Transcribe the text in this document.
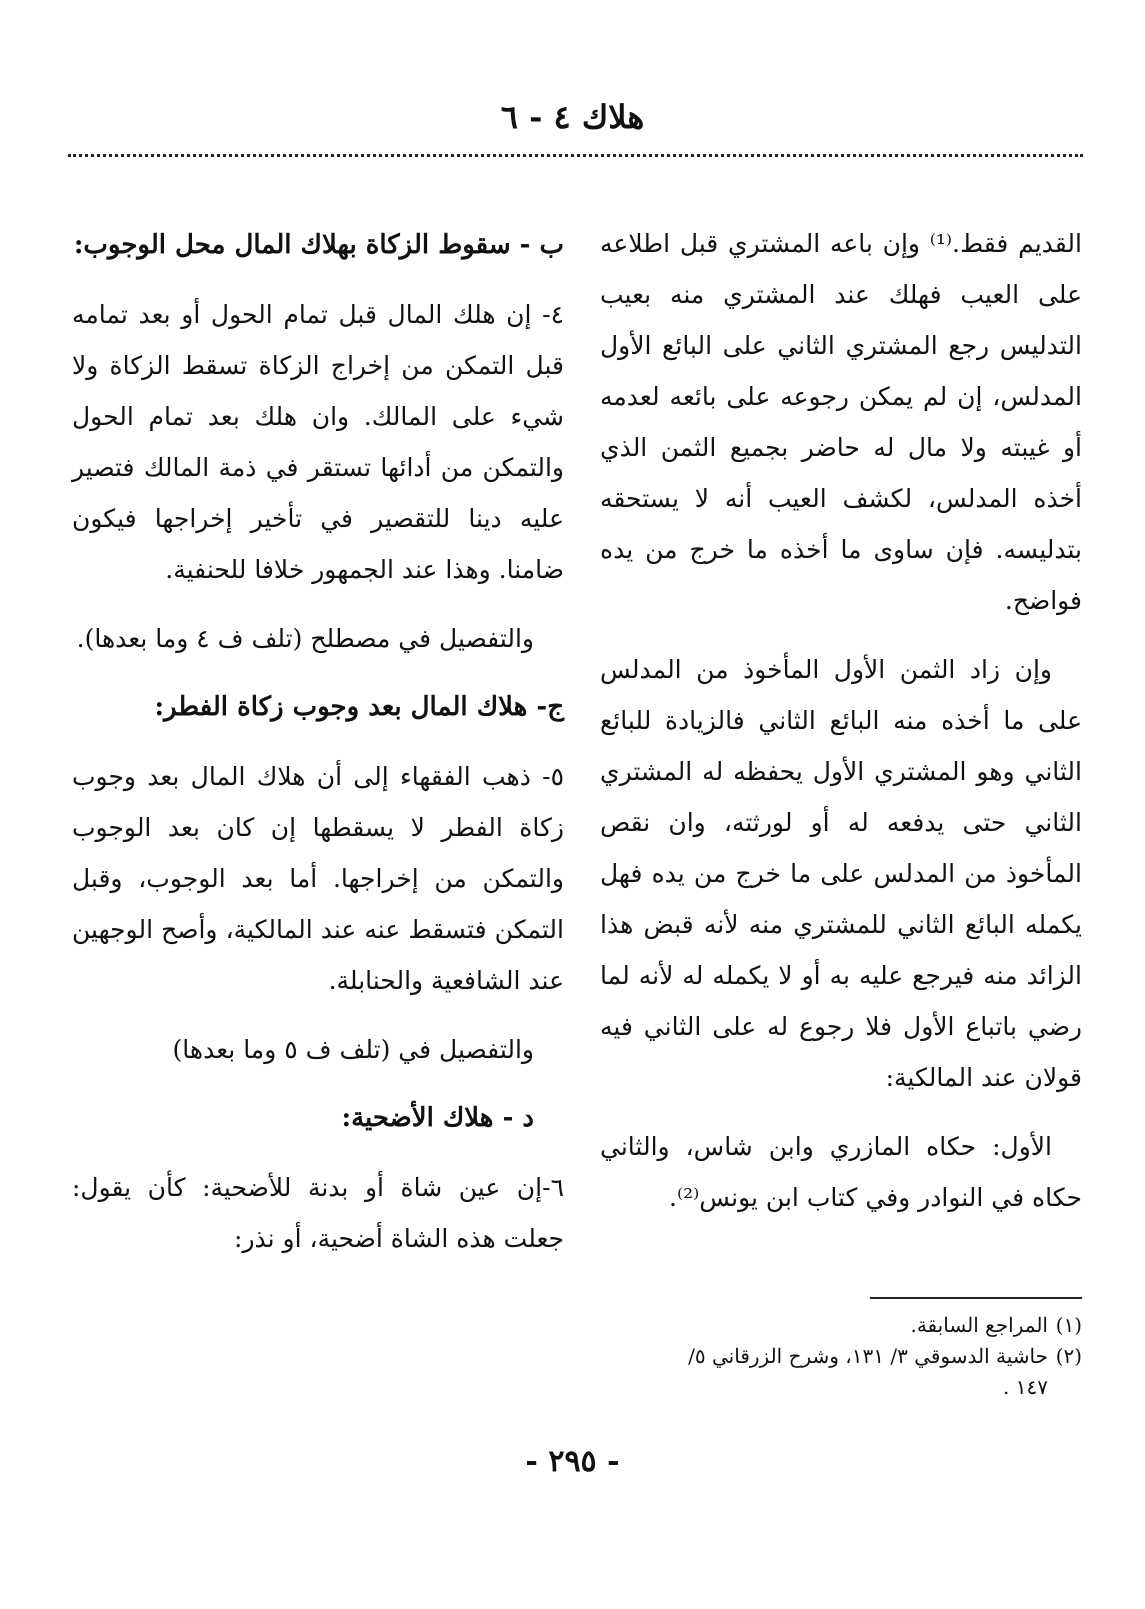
هلاك ٤ - ٦

القديم فقط.⁽¹⁾ وإن باعه المشتري قبل اطلاعه على العيب فهلك عند المشتري منه بعيب التدليس رجع المشتري الثاني على البائع الأول المدلس، إن لم يمكن رجوعه على بائعه لعدمه أو غيبته ولا مال له حاضر بجميع الثمن الذي أخذه المدلس، لكشف العيب أنه لا يستحقه بتدليسه. فإن ساوى ما أخذه ما خرج من يده فواضح.

وإن زاد الثمن الأول المأخوذ من المدلس على ما أخذه منه البائع الثاني فالزيادة للبائع الثاني وهو المشتري الأول يحفظه له المشتري الثاني حتى يدفعه له أو لورثته، وان نقص المأخوذ من المدلس على ما خرج من يده فهل يكمله البائع الثاني للمشتري منه لأنه قبض هذا الزائد منه فيرجع عليه به أو لا يكمله له لأنه لما رضي باتباع الأول فلا رجوع له على الثاني فيه قولان عند المالكية:

الأول: حكاه المازري وابن شاس، والثاني حكاه في النوادر وفي كتاب ابن يونس⁽²⁾.

ب - سقوط الزكاة بهلاك المال محل الوجوب:

٤- إن هلك المال قبل تمام الحول أو بعد تمامه قبل التمكن من إخراج الزكاة تسقط الزكاة ولا شيء على المالك. وان هلك بعد تمام الحول والتمكن من أدائها تستقر في ذمة المالك فتصير عليه دينا للتقصير في تأخير إخراجها فيكون ضامنا. وهذا عند الجمهور خلافا للحنفية.

والتفصيل في مصطلح (تلف ف ٤ وما بعدها).

ج- هلاك المال بعد وجوب زكاة الفطر:

٥- ذهب الفقهاء إلى أن هلاك المال بعد وجوب زكاة الفطر لا يسقطها إن كان بعد الوجوب والتمكن من إخراجها. أما بعد الوجوب، وقبل التمكن فتسقط عنه عند المالكية، وأصح الوجهين عند الشافعية والحنابلة.

والتفصيل في (تلف ف ٥ وما بعدها)

د - هلاك الأضحية:

٦-إن عين شاة أو بدنة للأضحية: كأن يقول: جعلت هذه الشاة أضحية، أو نذر:

(١)المراجع السابقة.

(٢)حاشية الدسوقي ٣/ ١٣١، وشرح الزرقاني ٥/

١٤٧ .

- ٢٩٥ -
